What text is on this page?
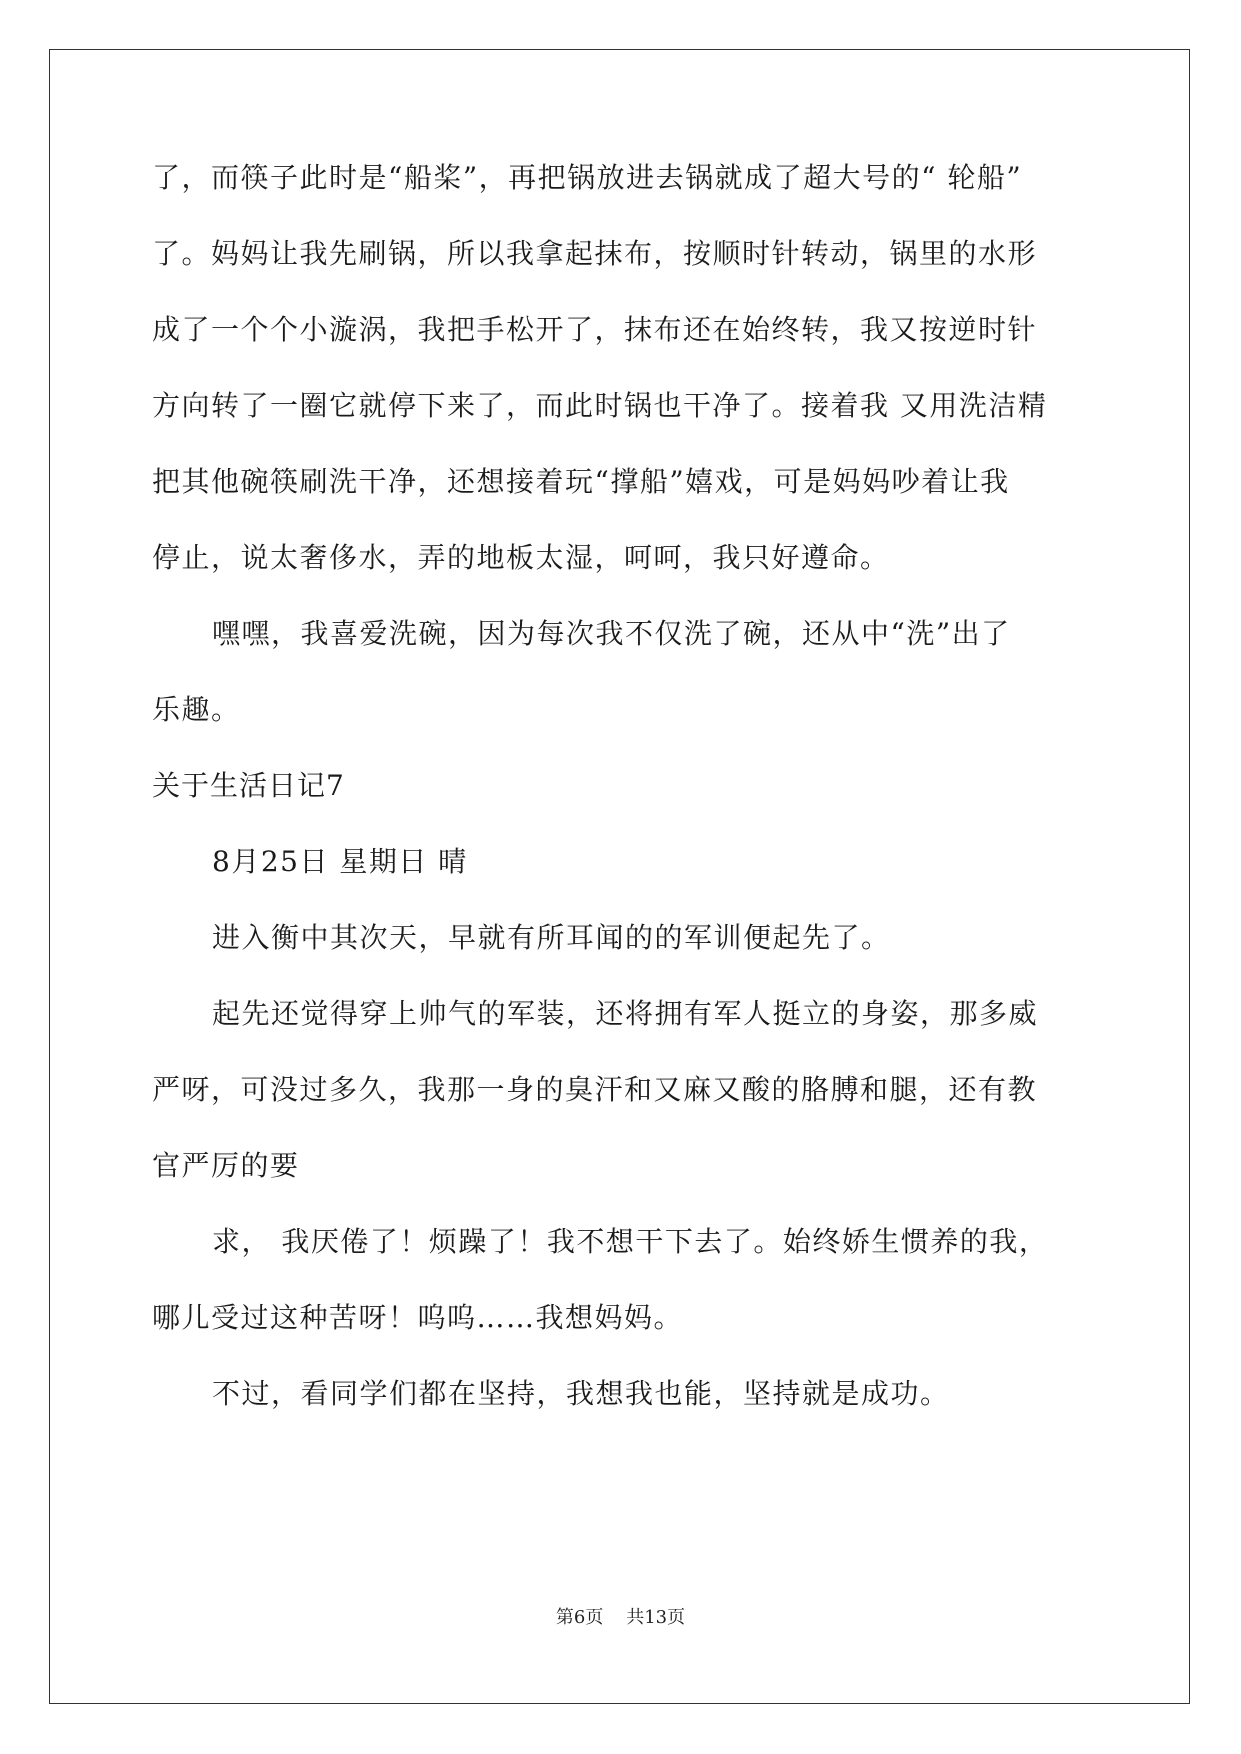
了，而筷子此时是“船桨”，再把锅放进去锅就成了超大号的“ 轮船”
了。妈妈让我先刷锅，所以我拿起抹布，按顺时针转动，锅里的水形
成了一个个小漩涡，我把手松开了，抹布还在始终转，我又按逆时针
方向转了一圈它就停下来了，而此时锅也干净了。接着我 又用洗洁精
把其他碗筷刷洗干净，还想接着玩“撑船”嬉戏，可是妈妈吵着让我
停止，说太奢侈水，弄的地板太湿，呵呵，我只好遵命。
嘿嘿，我喜爱洗碗，因为每次我不仅洗了碗，还从中“洗”出了
乐趣。
关于生活日记7
8月25日 星期日 晴
进入衡中其次天，早就有所耳闻的的军训便起先了。
起先还觉得穿上帅气的军装，还将拥有军人挺立的身姿，那多威
严呀，可没过多久，我那一身的臭汗和又麻又酸的胳膊和腿，还有教
官严厉的要
求， 我厌倦了！烦躁了！我不想干下去了。始终娇生惯养的我，
哪儿受过这种苦呀！呜呜……我想妈妈。
不过，看同学们都在坚持，我想我也能，坚持就是成功。
第6页 共13页
